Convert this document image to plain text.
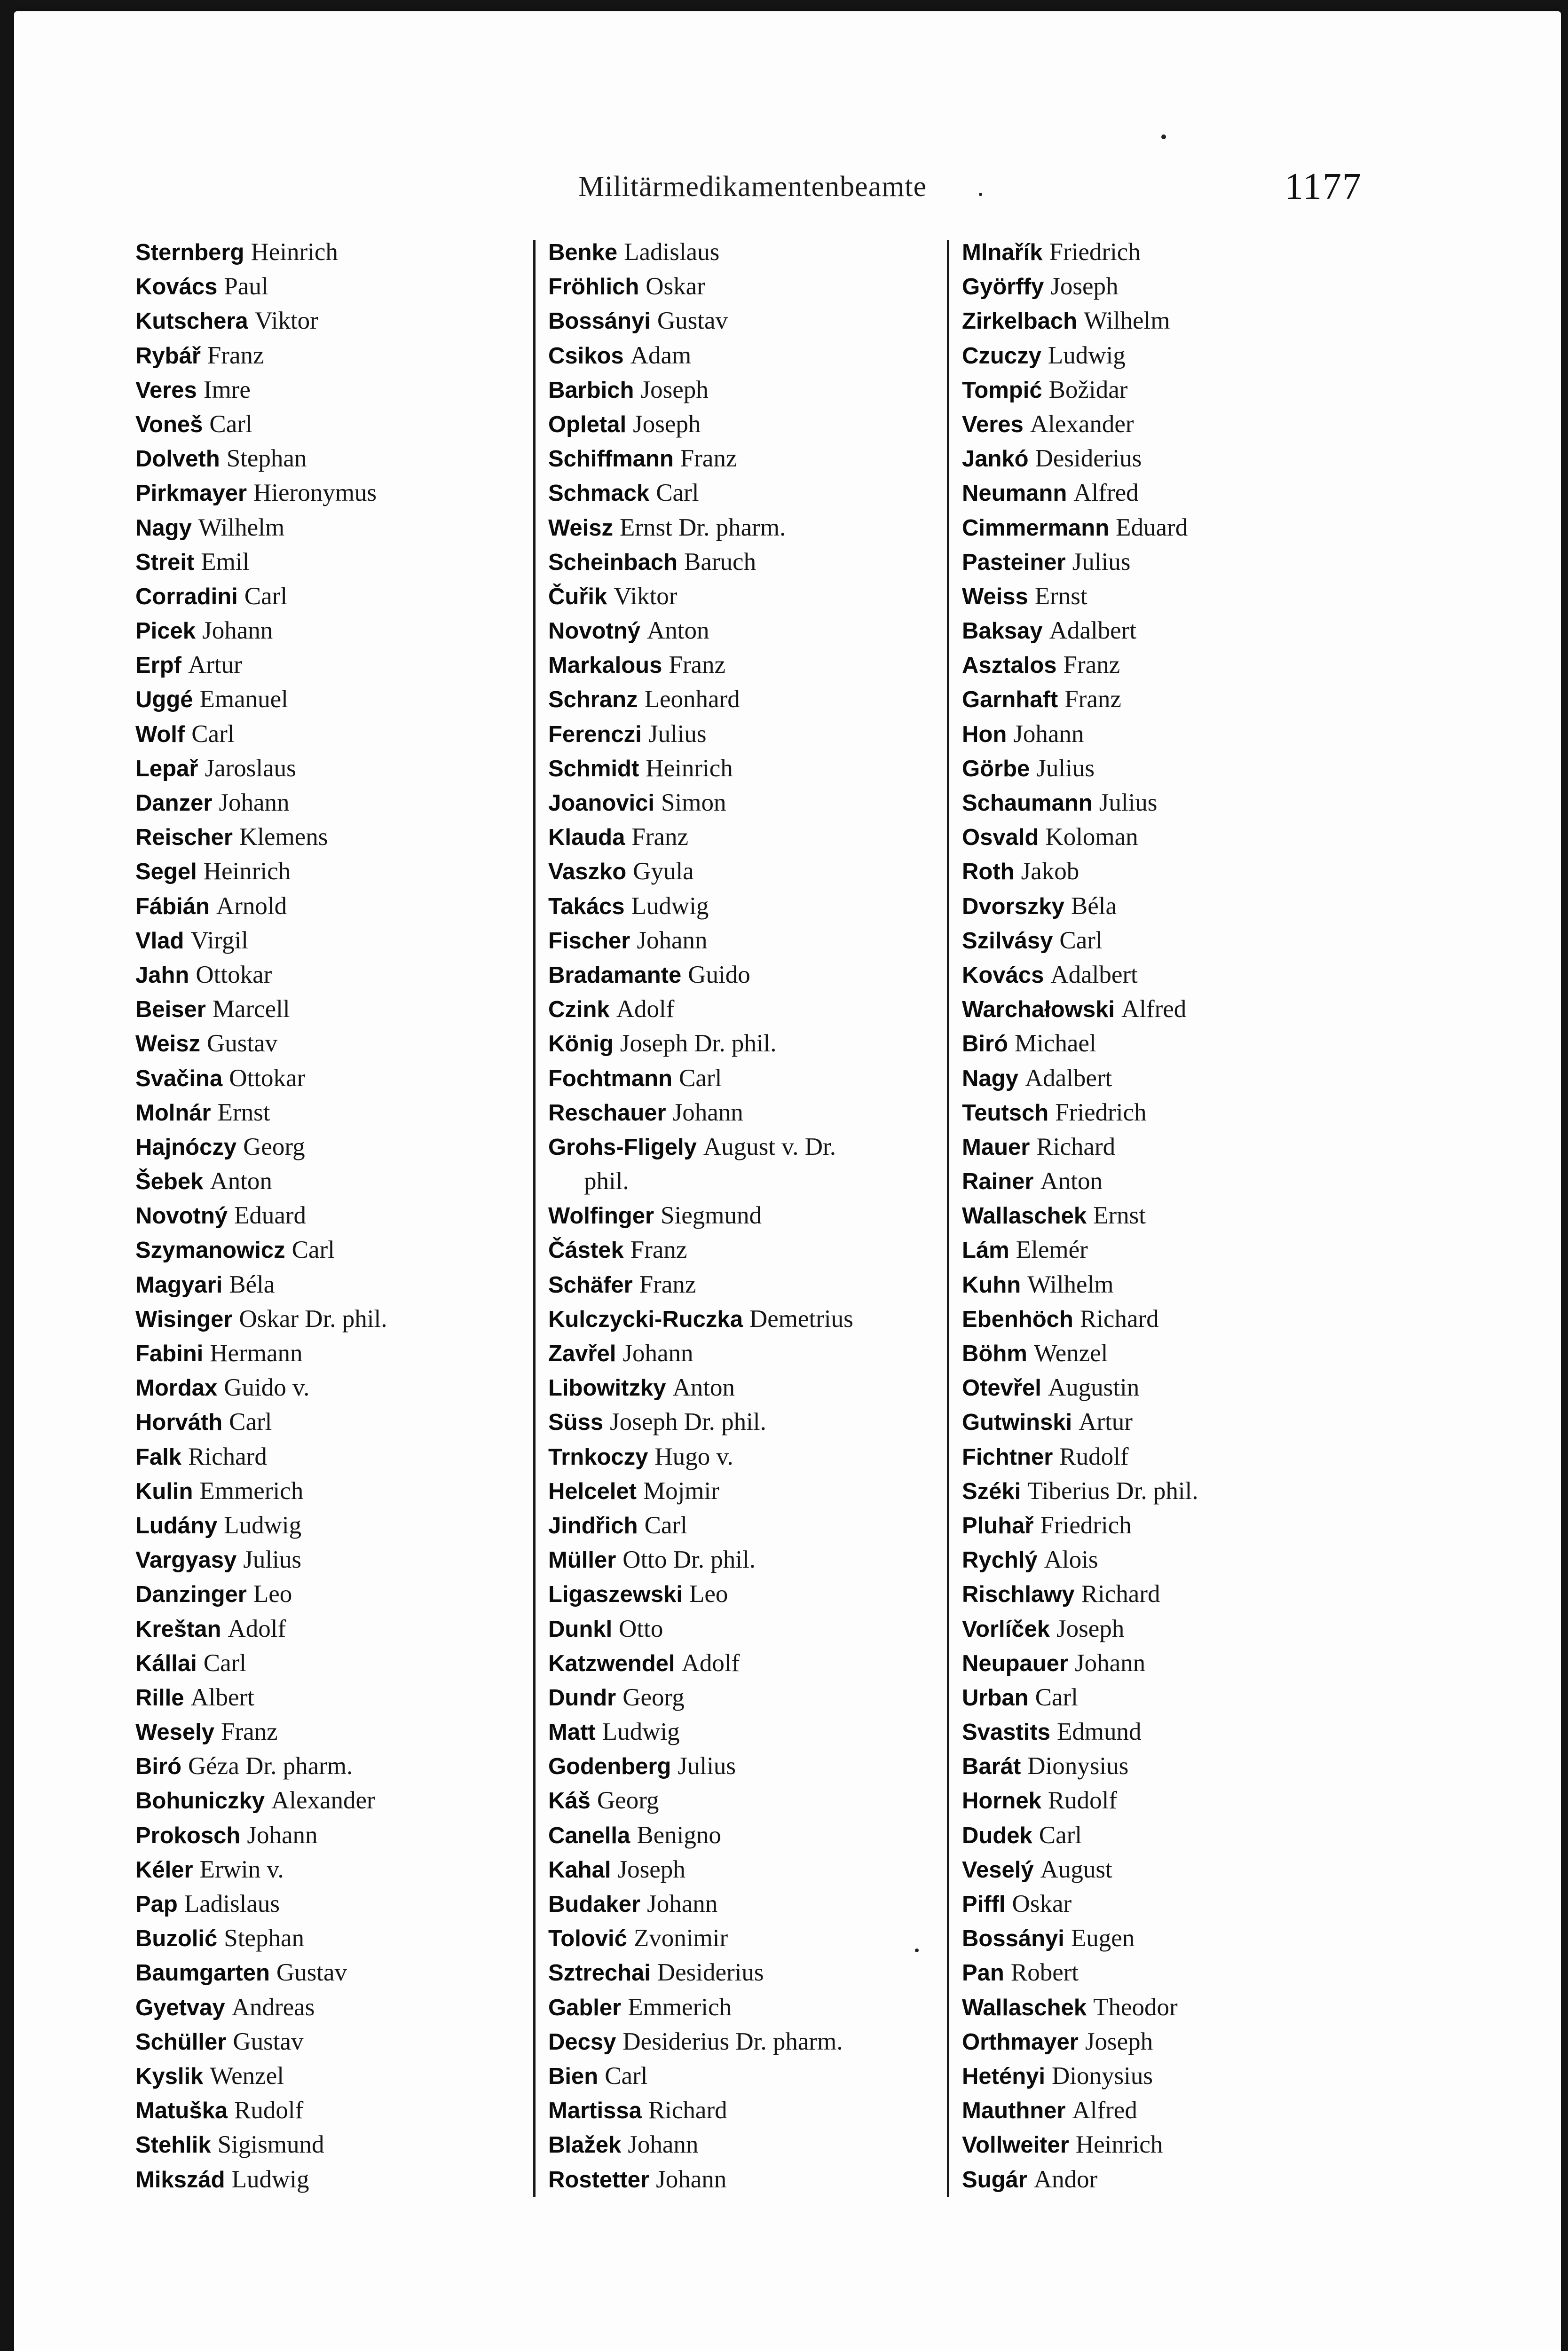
Militärmedikamentenbeamte	1177
Sternberg Heinrich
Kovács Paul
Kutschera Viktor
Rybář Franz
Veres Imre
Voneš Carl
Dolveth Stephan
Pirkmayer Hieronymus
Nagy Wilhelm
Streit Emil
Corradini Carl
Picek Johann
Erpf Artur
Uggé Emanuel
Wolf Carl
Lepař Jaroslaus
Danzer Johann
Reischer Klemens
Segel Heinrich
Fábián Arnold
Vlad Virgil
Jahn Ottokar
Beiser Marcell
Weisz Gustav
Svačina Ottokar
Molnár Ernst
Hajnóczy Georg
Šebek Anton
Novotný Eduard
Szymanowicz Carl
Magyari Béla
Wisinger Oskar Dr. phil.
Fabini Hermann
Mordax Guido v.
Horváth Carl
Falk Richard
Kulin Emmerich
Ludány Ludwig
Vargyasy Julius
Danzinger Leo
Kreštan Adolf
Kállai Carl
Rille Albert
Wesely Franz
Biró Géza Dr. pharm.
Bohuniczky Alexander
Prokosch Johann
Kéler Erwin v.
Pap Ladislaus
Buzolić Stephan
Baumgarten Gustav
Gyetvay Andreas
Schüller Gustav
Kyslik Wenzel
Matuška Rudolf
Stehlik Sigismund
Mikszád Ludwig
Benke Ladislaus
Fröhlich Oskar
Bossányi Gustav
Csikos Adam
Barbich Joseph
Opletal Joseph
Schiffmann Franz
Schmack Carl
Weisz Ernst Dr. pharm.
Scheinbach Baruch
Čuřik Viktor
Novotný Anton
Markalous Franz
Schranz Leonhard
Ferenczi Julius
Schmidt Heinrich
Joanovici Simon
Klauda Franz
Vaszko Gyula
Takács Ludwig
Fischer Johann
Bradamante Guido
Czink Adolf
König Joseph Dr. phil.
Fochtmann Carl
Reschauer Johann
Grohs-Fligely August v. Dr.
phil.
Wolfinger Siegmund
Částek Franz
Schäfer Franz
Kulczycki-Ruczka Demetrius
Zavřel Johann
Libowitzky Anton
Süss Joseph Dr. phil.
Trnkoczy Hugo v.
Helcelet Mojmir
Jindřich Carl
Müller Otto Dr. phil.
Ligaszewski Leo
Dunkl Otto
Katzwendel Adolf
Dundr Georg
Matt Ludwig
Godenberg Julius
Káš Georg
Canella Benigno
Kahal Joseph
Budaker Johann
Tolović Zvonimir
Sztrechai Desiderius
Gabler Emmerich
Decsy Desiderius Dr. pharm.
Bien Carl
Martissa Richard
Blažek Johann
Rostetter Johann
Mlnařík Friedrich
Györffy Joseph
Zirkelbach Wilhelm
Czuczy Ludwig
Tompić Božidar
Veres Alexander
Jankó Desiderius
Neumann Alfred
Cimmermann Eduard
Pasteiner Julius
Weiss Ernst
Baksay Adalbert
Asztalos Franz
Garnhaft Franz
Hon Johann
Görbe Julius
Schaumann Julius
Osvald Koloman
Roth Jakob
Dvorszky Béla
Szilvásy Carl
Kovács Adalbert
Warchałowski Alfred
Biró Michael
Nagy Adalbert
Teutsch Friedrich
Mauer Richard
Rainer Anton
Wallaschek Ernst
Lám Elemér
Kuhn Wilhelm
Ebenhöch Richard
Böhm Wenzel
Otevřel Augustin
Gutwinski Artur
Fichtner Rudolf
Széki Tiberius Dr. phil.
Pluhař Friedrich
Rychlý Alois
Rischlawy Richard
Vorlíček Joseph
Neupauer Johann
Urban Carl
Svastits Edmund
Barát Dionysius
Hornek Rudolf
Dudek Carl
Veselý August
Piffl Oskar
Bossányi Eugen
Pan Robert
Wallaschek Theodor
Orthmayer Joseph
Hetényi Dionysius
Mauthner Alfred
Vollweiter Heinrich
Sugár Andor
